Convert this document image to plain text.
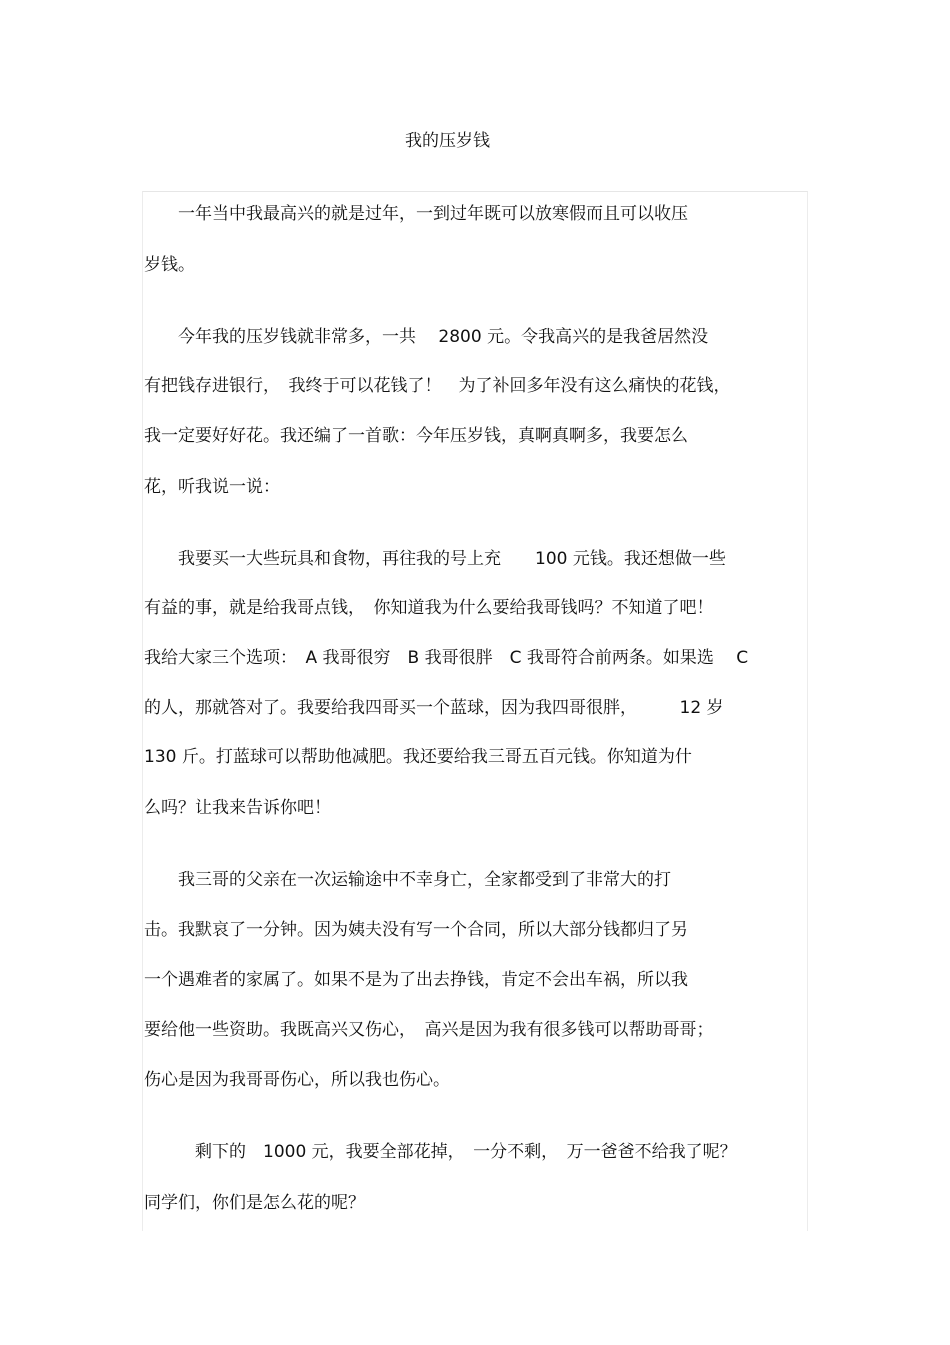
我的压岁钱
　　一年当中我最高兴的就是过年，一到过年既可以放寒假而且可以收压
岁钱。
　　今年我的压岁钱就非常多，一共　 2800 元。令我高兴的是我爸居然没
有把钱存进银行，　我终于可以花钱了！　为了补回多年没有这么痛快的花钱，
我一定要好好花。我还编了一首歌：今年压岁钱，真啊真啊多，我要怎么
花，听我说一说：
　　我要买一大些玩具和食物，再往我的号上充　　100 元钱。我还想做一些
有益的事，就是给我哥点钱，　你知道我为什么要给我哥钱吗？不知道了吧！
我给大家三个选项：　A 我哥很穷　B 我哥很胖　C 我哥符合前两条。如果选　 C
的人，那就答对了。我要给我四哥买一个蓝球，因为我四哥很胖，　　　12 岁
130 斤。打蓝球可以帮助他减肥。我还要给我三哥五百元钱。你知道为什
么吗？让我来告诉你吧！
　　我三哥的父亲在一次运输途中不幸身亡，全家都受到了非常大的打
击。我默哀了一分钟。因为姨夫没有写一个合同，所以大部分钱都归了另
一个遇难者的家属了。如果不是为了出去挣钱，肯定不会出车祸，所以我
要给他一些资助。我既高兴又伤心，　高兴是因为我有很多钱可以帮助哥哥；
伤心是因为我哥哥伤心，所以我也伤心。
　　　剩下的　1000 元，我要全部花掉，　一分不剩，　万一爸爸不给我了呢？
同学们，你们是怎么花的呢？
